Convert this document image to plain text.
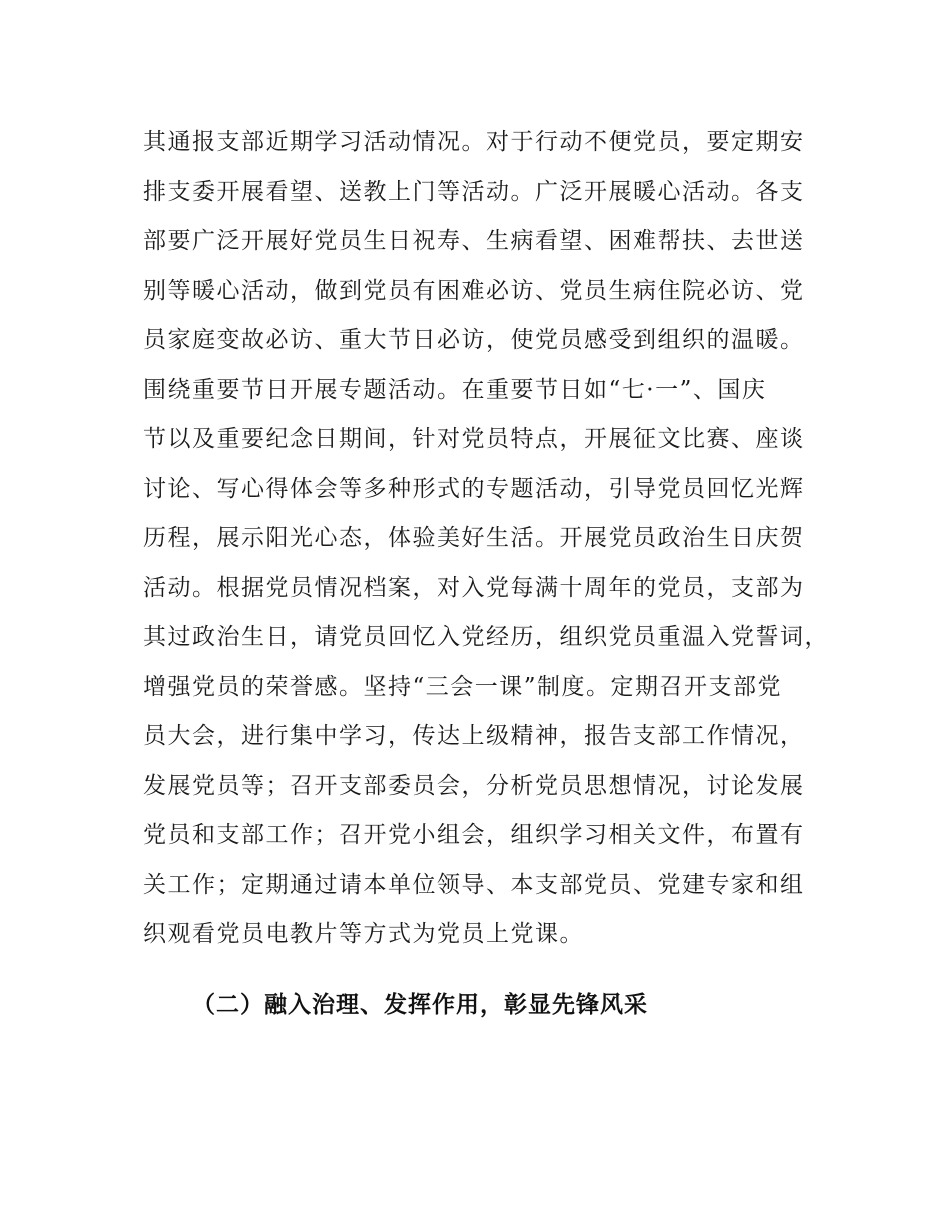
其通报支部近期学习活动情况。对于行动不便党员，要定期安
排支委开展看望、送教上门等活动。广泛开展暖心活动。各支
部要广泛开展好党员生日祝寿、生病看望、困难帮扶、去世送
别等暖心活动，做到党员有困难必访、党员生病住院必访、党
员家庭变故必访、重大节日必访，使党员感受到组织的温暖。
围绕重要节日开展专题活动。在重要节日如“七·一”、国庆
节以及重要纪念日期间，针对党员特点，开展征文比赛、座谈
讨论、写心得体会等多种形式的专题活动，引导党员回忆光辉
历程，展示阳光心态，体验美好生活。开展党员政治生日庆贺
活动。根据党员情况档案，对入党每满十周年的党员，支部为
其过政治生日，请党员回忆入党经历，组织党员重温入党誓词，
增强党员的荣誉感。坚持“三会一课”制度。定期召开支部党
员大会，进行集中学习，传达上级精神，报告支部工作情况，
发展党员等；召开支部委员会，分析党员思想情况，讨论发展
党员和支部工作；召开党小组会，组织学习相关文件，布置有
关工作；定期通过请本单位领导、本支部党员、党建专家和组
织观看党员电教片等方式为党员上党课。
（二）融入治理、发挥作用，彰显先锋风采
